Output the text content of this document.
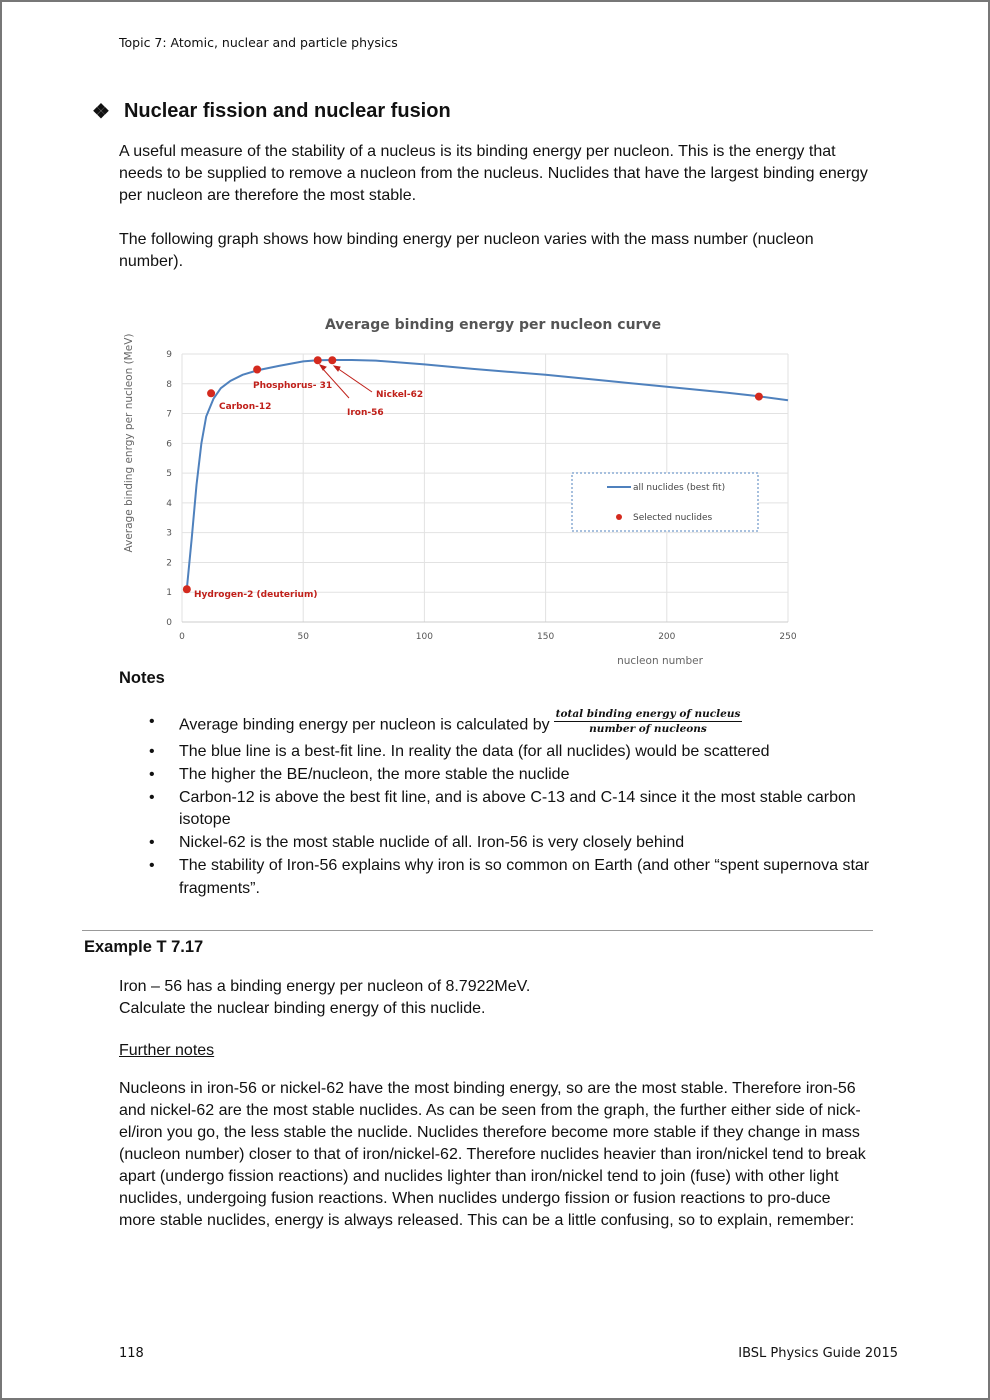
Topic 7: Atomic, nuclear and particle physics
❖ Nuclear fission and nuclear fusion
A useful measure of the stability of a nucleus is its binding energy per nucleon. This is the energy that needs to be supplied to remove a nucleon from the nucleus. Nuclides that have the largest binding energy per nucleon are therefore the most stable.
The following graph shows how binding energy per nucleon varies with the mass number (nucleon number).
Average binding energy per nucleon curve
Average binding enrgy per nucleon (MeV)
nucleon number
0
1
2
3
4
5
6
7
8
9
0	50	100	150	200	250
Hydrogen-2 (deuterium)
Carbon-12
Phosphorus- 31
Iron-56
Nickel-62
all nuclides (best fit)
Selected nuclides
Notes
• Average binding energy per nucleon is calculated by $\frac{\text{total binding energy of nucleus}}{\text{number of nucleons}}$
• The blue line is a best-fit line. In reality the data (for all nuclides) would be scattered
• The higher the BE/nucleon, the more stable the nuclide
• Carbon-12 is above the best fit line, and is above C-13 and C-14 since it the most stable carbon isotope
• Nickel-62 is the most stable nuclide of all. Iron-56 is very closely behind
• The stability of Iron-56 explains why iron is so common on Earth (and other “spent supernova star fragments”.
Example T 7.17
Iron – 56 has a binding energy per nucleon of 8.7922MeV.
Calculate the nuclear binding energy of this nuclide.
Further notes
Nucleons in iron-56 or nickel-62 have the most binding energy, so are the most stable. Therefore iron-56 and nickel-62 are the most stable nuclides. As can be seen from the graph, the further either side of nick-el/iron you go, the less stable the nuclide. Nuclides therefore become more stable if they change in mass (nucleon number) closer to that of iron/nickel-62. Therefore nuclides heavier than iron/nickel tend to break apart (undergo fission reactions) and nuclides lighter than iron/nickel tend to join (fuse) with other light nuclides, undergoing fusion reactions. When nuclides undergo fission or fusion reactions to pro-duce more stable nuclides, energy is always released. This can be a little confusing, so to explain, remember:
118	IBSL Physics Guide 2015
